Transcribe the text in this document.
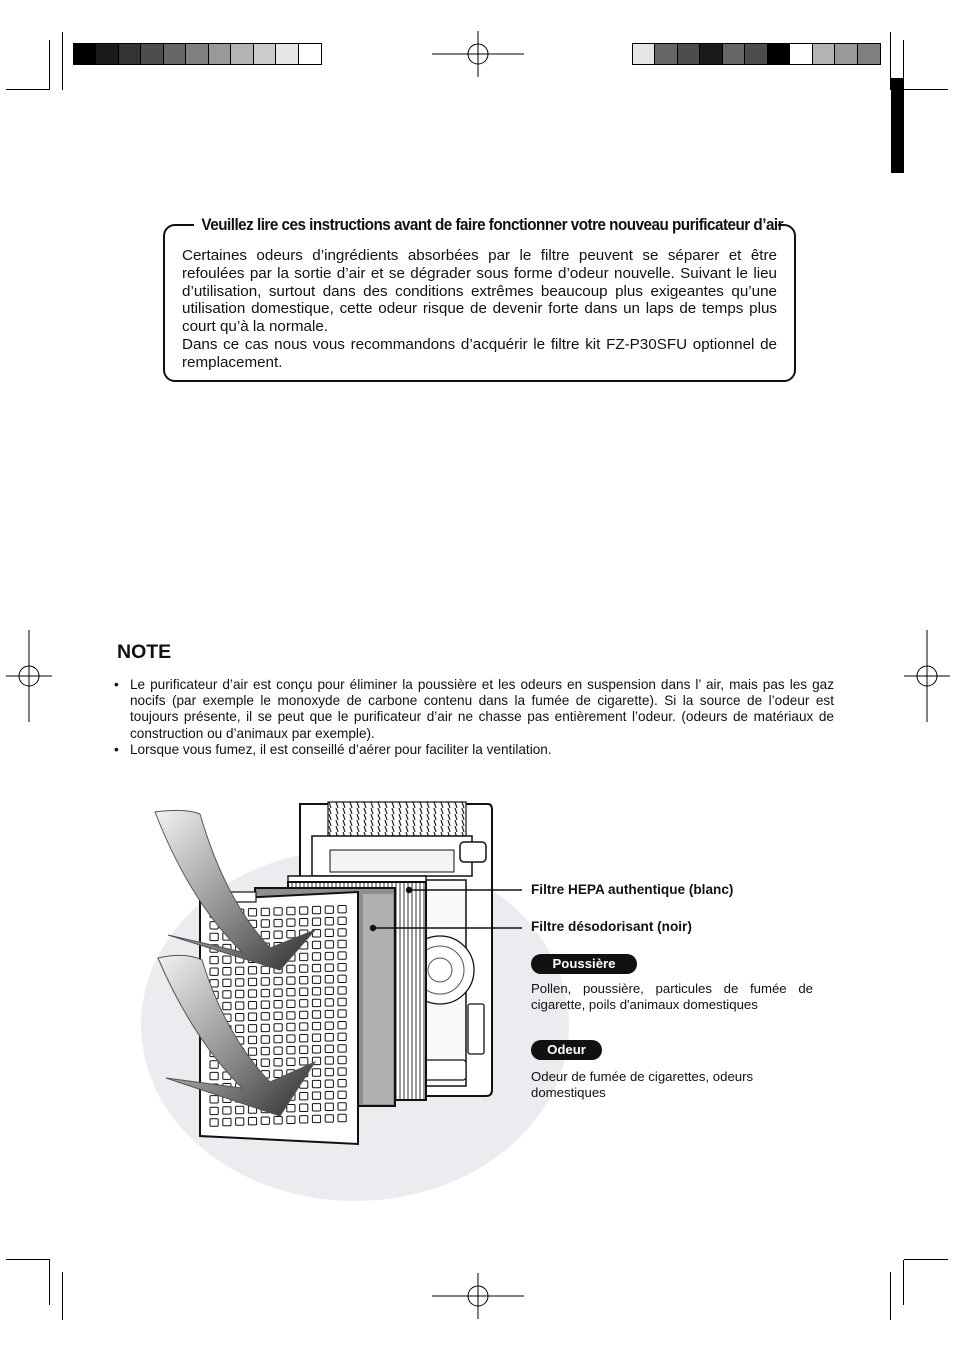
Veuillez lire ces instructions avant de faire fonctionner votre nouveau purificateur d’air

Certaines odeurs d’ingrédients absorbées par le filtre peuvent se séparer et être refoulées par la sortie d’air et se dégrader sous forme d’odeur nouvelle. Suivant le lieu d’utilisation, surtout dans des conditions extrêmes beaucoup plus exigeantes qu’une utilisation domestique, cette odeur risque de devenir forte dans un laps de temps plus court qu’à la normale.

Dans ce cas nous vous recommandons d’acquérir le filtre kit FZ-P30SFU optionnel de remplacement.

NOTE
• Le purificateur d’air est conçu pour éliminer la poussière et les odeurs en suspension dans l’ air, mais pas les gaz nocifs (par exemple le monoxyde de carbone contenu dans la fumée de cigarette). Si la source de l’odeur est toujours présente, il se peut que le purificateur d’air ne chasse pas entièrement l’odeur. (odeurs de matériaux de construction ou d’animaux par exemple).
• Lorsque vous fumez, il est conseillé d’aérer pour faciliter la ventilation.
Filtre HEPA authentique (blanc)
Filtre désodorisant (noir)
Poussière
Pollen, poussière, particules de fumée de cigarette, poils d'animaux domestiques
Odeur
Odeur de fumée de cigarettes, odeurs domestiques
